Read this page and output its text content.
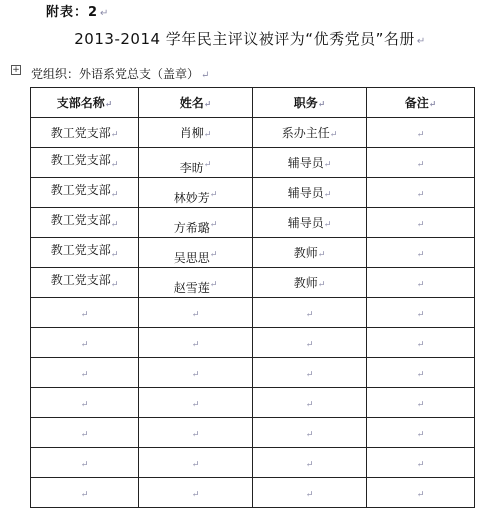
附表：2 ↵
2013-2014 学年民主评议被评为“优秀党员”名册 ↵
+ 党组织：外语系党总支（盖章） ↵
支部名称↵	姓名↵	职务↵	备注↵
教工党支部↵	肖柳↵	系办主任↵	↵
教工党支部↵	李昉↵	辅导员↵	↵
教工党支部↵	林妙芳↵	辅导员↵	↵
教工党支部↵	方希璐↵	辅导员↵	↵
教工党支部↵	吴思思↵	教师↵	↵
教工党支部↵	赵雪莲↵	教师↵	↵
↵	↵	↵	↵
↵	↵	↵	↵
↵	↵	↵	↵
↵	↵	↵	↵
↵	↵	↵	↵
↵	↵	↵	↵
↵	↵	↵	↵
